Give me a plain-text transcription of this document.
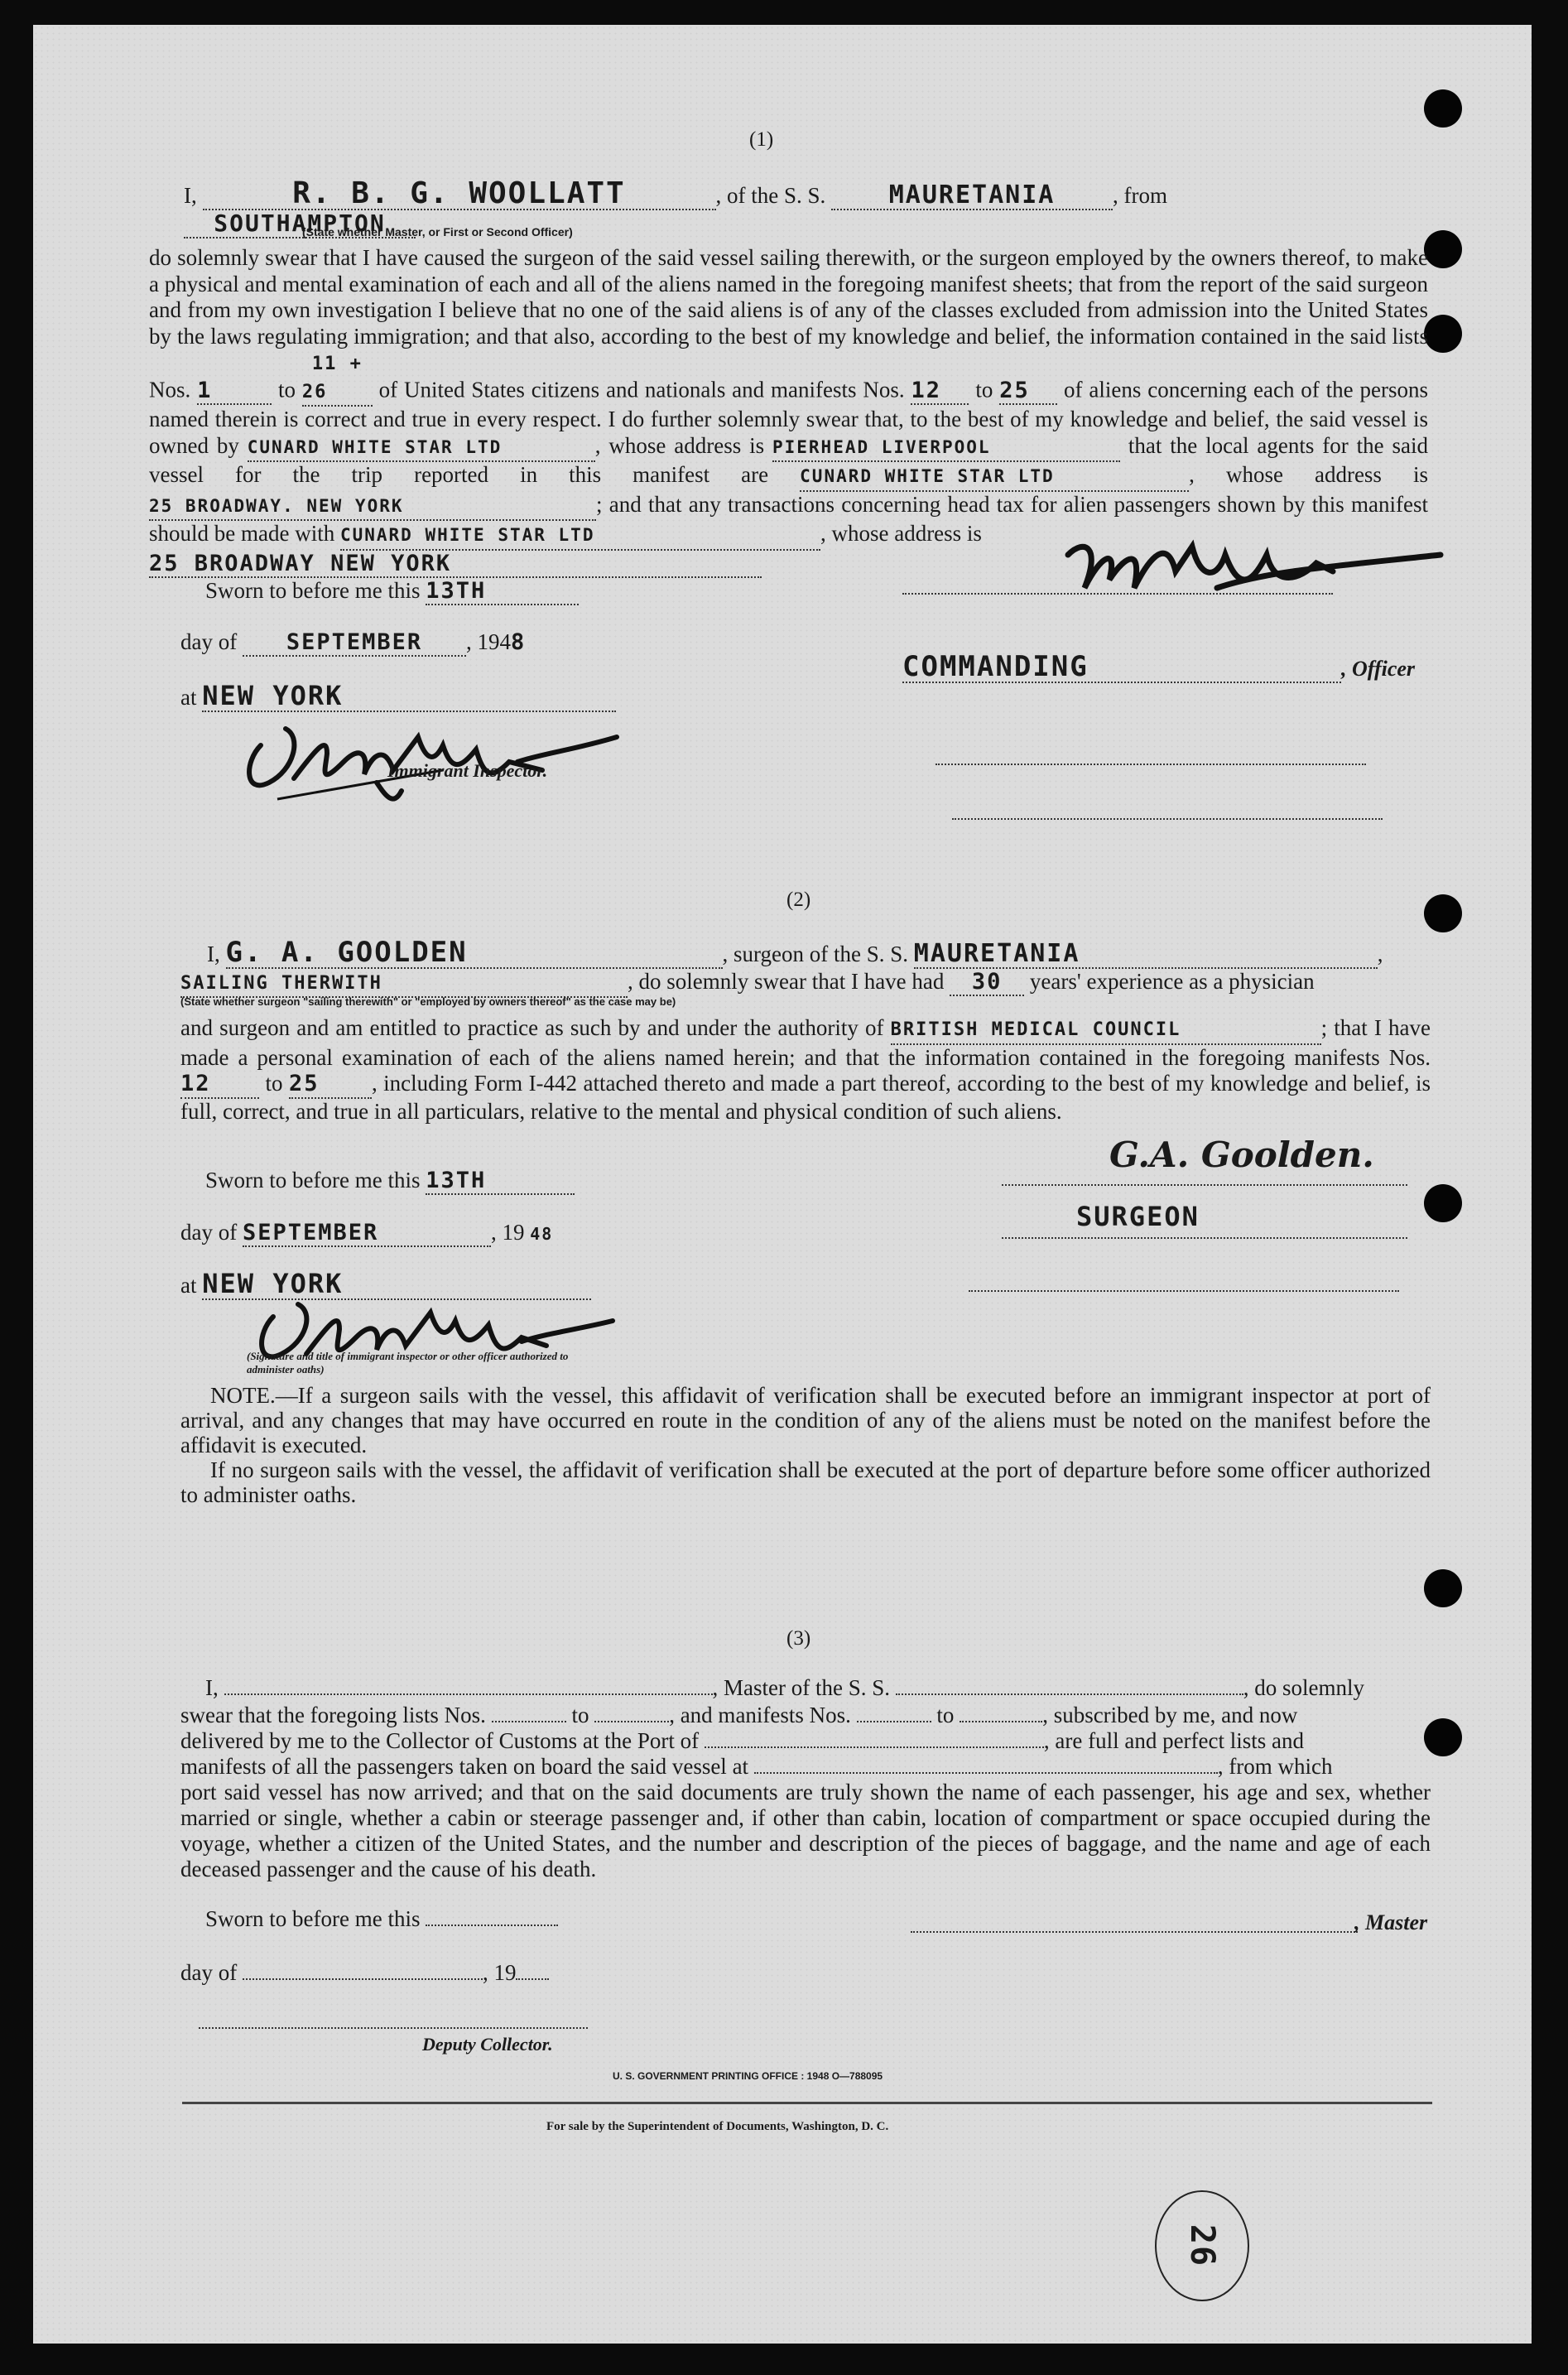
(1)
I,	R. B. G. WOOLLATT	, of the S. S. MAURETANIA	, from SOUTHAMPTON
(State whether Master, or First or Second Officer)
do solemnly swear that I have caused the surgeon of the said vessel sailing therewith, or the surgeon employed by the owners thereof, to make a physical and mental examination of each and all of the aliens named in the foregoing manifest sheets; that from the report of the said surgeon and from my own investigation I believe that no one of the said aliens is of any of the classes excluded from admission into the United States by the laws regulating immigration; and that also, according to the best of my knowledge and belief, the information contained in the said lists Nos. 1	to 11 + 26 of United States citizens and nationals and manifests Nos. 12 to 25 of aliens concerning each of the persons named therein is correct and true in every respect. I do further solemnly swear that, to the best of my knowledge and belief, the said vessel is owned by CUNARD WHITE STAR LTD	, whose address is PIERHEAD LIVERPOOL	that the local agents for the said vessel for the trip reported in this manifest are CUNARD WHITE STAR LTD	, whose address is 25 BROADWAY. NEW YORK	; and that any transactions concerning head tax for alien passengers shown by this manifest should be made with CUNARD WHITE STAR LTD	, whose address is
25 BROADWAY NEW YORK
Sworn to before me this 13TH
day of SEPTEMBER , 1948
at NEW YORK
Immigrant Inspector.
COMMANDING	, Officer
(2)
I, G. A. GOOLDEN	, surgeon of the S. S. MAURETANIA	,
SAILING THERWITH	, do solemnly swear that I have had 30 years' experience as a physician
(State whether surgeon "sailing therewith" or "employed by owners thereof" as the case may be)
and surgeon and am entitled to practice as such by and under the authority of BRITISH MEDICAL COUNCIL	; that I have made a personal examination of each of the aliens named herein; and that the information contained in the foregoing manifests Nos. 12 to 25 , including Form I-442 attached thereto and made a part thereof, according to the best of my knowledge and belief, is full, correct, and true in all particulars, relative to the mental and physical condition of such aliens.
Sworn to before me this 13TH
day of SEPTEMBER	, 19 48
at NEW YORK
(Signature and title of immigrant inspector or other officer authorized to administer oaths)
G.A. Goolden.
SURGEON
NOTE.—If a surgeon sails with the vessel, this affidavit of verification shall be executed before an immigrant inspector at port of arrival, and any changes that may have occurred en route in the condition of any of the aliens must be noted on the manifest before the affidavit is executed.
If no surgeon sails with the vessel, the affidavit of verification shall be executed at the port of departure before some officer authorized to administer oaths.
(3)
I,	, Master of the S. S.	, do solemnly
swear that the foregoing lists Nos.	to	, and manifests Nos.	to	, subscribed by me, and now
delivered by me to the Collector of Customs at the Port of	, are full and perfect lists and
manifests of all the passengers taken on board the said vessel at	, from which
port said vessel has now arrived; and that on the said documents are truly shown the name of each passenger, his age and sex, whether married or single, whether a cabin or steerage passenger and, if other than cabin, location of compartment or space occupied during the voyage, whether a citizen of the United States, and the number and description of the pieces of baggage, and the name and age of each deceased passenger and the cause of his death.
Sworn to before me this	, Master
day of	, 19
Deputy Collector.
U. S. GOVERNMENT PRINTING OFFICE : 1948 O—788095
For sale by the Superintendent of Documents, Washington, D. C.
26
